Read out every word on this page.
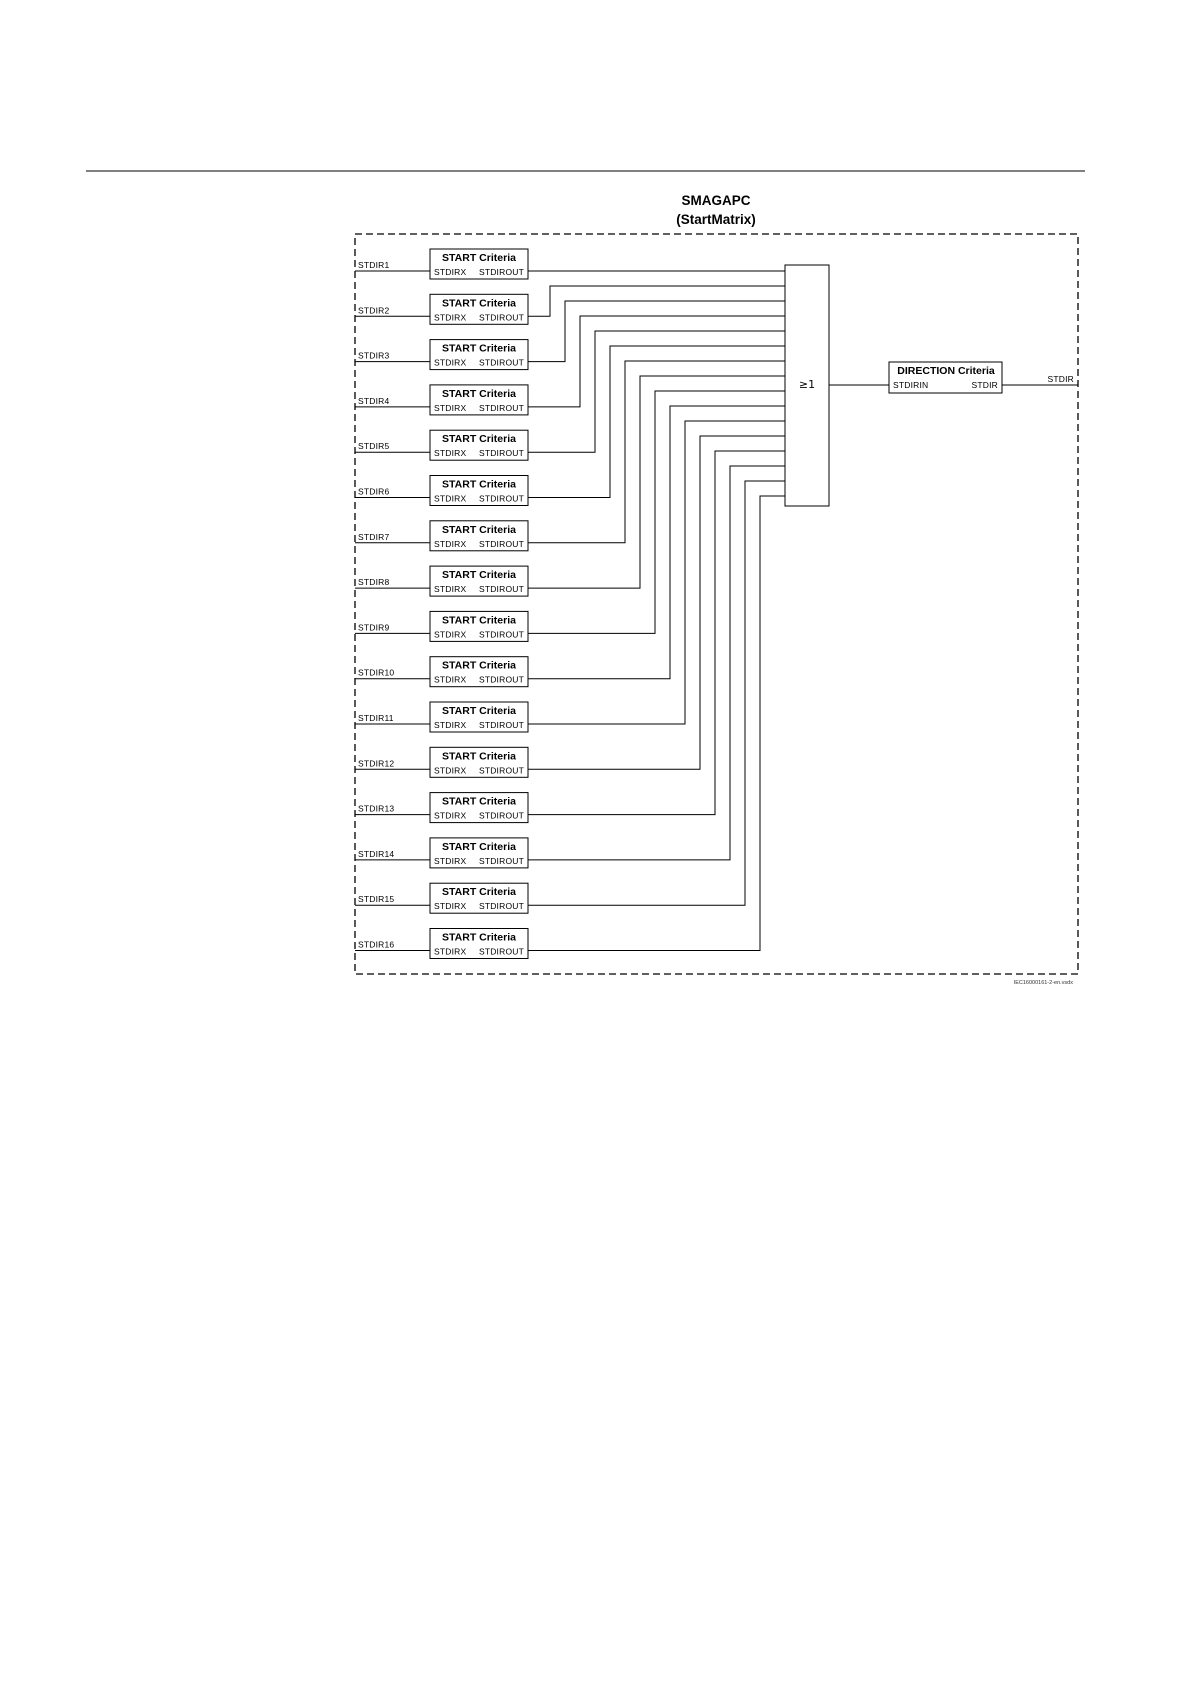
SMAGAPC
(StartMatrix)
STDIR1
START Criteria
STDIRX STDIROUT
STDIR2
START Criteria
STDIRX STDIROUT
STDIR3
START Criteria
STDIRX STDIROUT
STDIR4
START Criteria
STDIRX STDIROUT
STDIR5
START Criteria
STDIRX STDIROUT
STDIR6
START Criteria
STDIRX STDIROUT
STDIR7
START Criteria
STDIRX STDIROUT
STDIR8
START Criteria
STDIRX STDIROUT
STDIR9
START Criteria
STDIRX STDIROUT
STDIR10
START Criteria
STDIRX STDIROUT
STDIR11
START Criteria
STDIRX STDIROUT
STDIR12
START Criteria
STDIRX STDIROUT
STDIR13
START Criteria
STDIRX STDIROUT
STDIR14
START Criteria
STDIRX STDIROUT
STDIR15
START Criteria
STDIRX STDIROUT
STDIR16
START Criteria
STDIRX STDIROUT
≥1
DIRECTION Criteria
STDIRIN	STDIR
STDIR
IEC16000161-2-en.vsdx
